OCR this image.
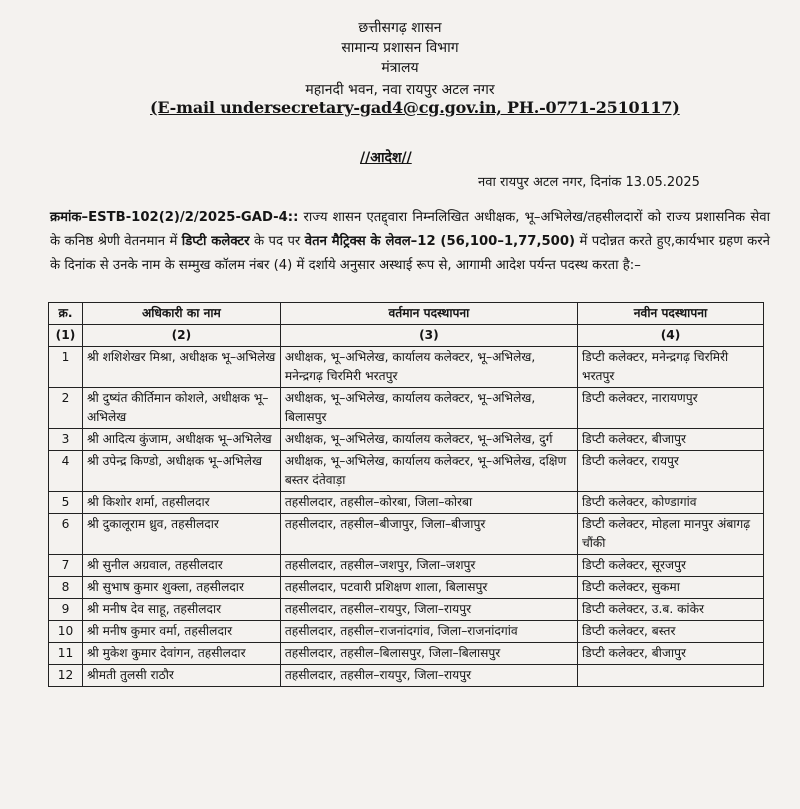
छत्तीसगढ़ शासन
सामान्य प्रशासन विभाग
मंत्रालय
महानदी भवन, नवा रायपुर अटल नगर
(E-mail undersecretary-gad4@cg.gov.in, PH.-0771-2510117)
//आदेश//
नवा रायपुर अटल नगर, दिनांक 13.05.2025
क्रमांक–ESTB-102(2)/2/2025-GAD-4:: राज्य शासन एतद्द्वारा निम्नलिखित अधीक्षक, भू–अभिलेख/तहसीलदारों को राज्य प्रशासनिक सेवा के कनिष्ठ श्रेणी वेतनमान में डिप्टी कलेक्टर के पद पर वेतन मैट्रिक्स के लेवल–12 (56,100–1,77,500) में पदोन्नत करते हुए,कार्यभार ग्रहण करने के दिनांक से उनके नाम के सम्मुख कॉलम नंबर (4) में दर्शाये अनुसार अस्थाई रूप से, आगामी आदेश पर्यन्त पदस्थ करता है:–
क्र.	अधिकारी का नाम	वर्तमान पदस्थापना	नवीन पदस्थापना
(1)	(2)	(3)	(4)
1	श्री शशिशेखर मिश्रा, अधीक्षक भू–अभिलेख	अधीक्षक, भू–अभिलेख, कार्यालय कलेक्टर, भू–अभिलेख, मनेन्द्रगढ़ चिरमिरी भरतपुर	डिप्टी कलेक्टर, मनेन्द्रगढ़ चिरमिरी भरतपुर
2	श्री दुष्यंत कीर्तिमान कोशले, अधीक्षक भू–अभिलेख	अधीक्षक, भू–अभिलेख, कार्यालय कलेक्टर, भू–अभिलेख, बिलासपुर	डिप्टी कलेक्टर, नारायणपुर
3	श्री आदित्य कुंजाम, अधीक्षक भू–अभिलेख	अधीक्षक, भू–अभिलेख, कार्यालय कलेक्टर, भू–अभिलेख, दुर्ग	डिप्टी कलेक्टर, बीजापुर
4	श्री उपेन्द्र किण्डो, अधीक्षक भू–अभिलेख	अधीक्षक, भू–अभिलेख, कार्यालय कलेक्टर, भू–अभिलेख, दक्षिण बस्तर दंतेवाड़ा	डिप्टी कलेक्टर, रायपुर
5	श्री किशोर शर्मा, तहसीलदार	तहसीलदार, तहसील–कोरबा, जिला–कोरबा	डिप्टी कलेक्टर, कोण्डागांव
6	श्री दुकालूराम ध्रुव, तहसीलदार	तहसीलदार, तहसील–बीजापुर, जिला–बीजापुर	डिप्टी कलेक्टर, मोहला मानपुर अंबागढ़ चौंकी
7	श्री सुनील अग्रवाल, तहसीलदार	तहसीलदार, तहसील–जशपुर, जिला–जशपुर	डिप्टी कलेक्टर, सूरजपुर
8	श्री सुभाष कुमार शुक्ला, तहसीलदार	तहसीलदार, पटवारी प्रशिक्षण शाला, बिलासपुर	डिप्टी कलेक्टर, सुकमा
9	श्री मनीष देव साहू, तहसीलदार	तहसीलदार, तहसील–रायपुर, जिला–रायपुर	डिप्टी कलेक्टर, उ.ब. कांकेर
10	श्री मनीष कुमार वर्मा, तहसीलदार	तहसीलदार, तहसील–राजनांदगांव, जिला–राजनांदगांव	डिप्टी कलेक्टर, बस्तर
11	श्री मुकेश कुमार देवांगन, तहसीलदार	तहसीलदार, तहसील–बिलासपुर, जिला–बिलासपुर	डिप्टी कलेक्टर, बीजापुर
12	श्रीमती तुलसी राठौर	तहसीलदार, तहसील–रायपुर, जिला–रायपुर	
